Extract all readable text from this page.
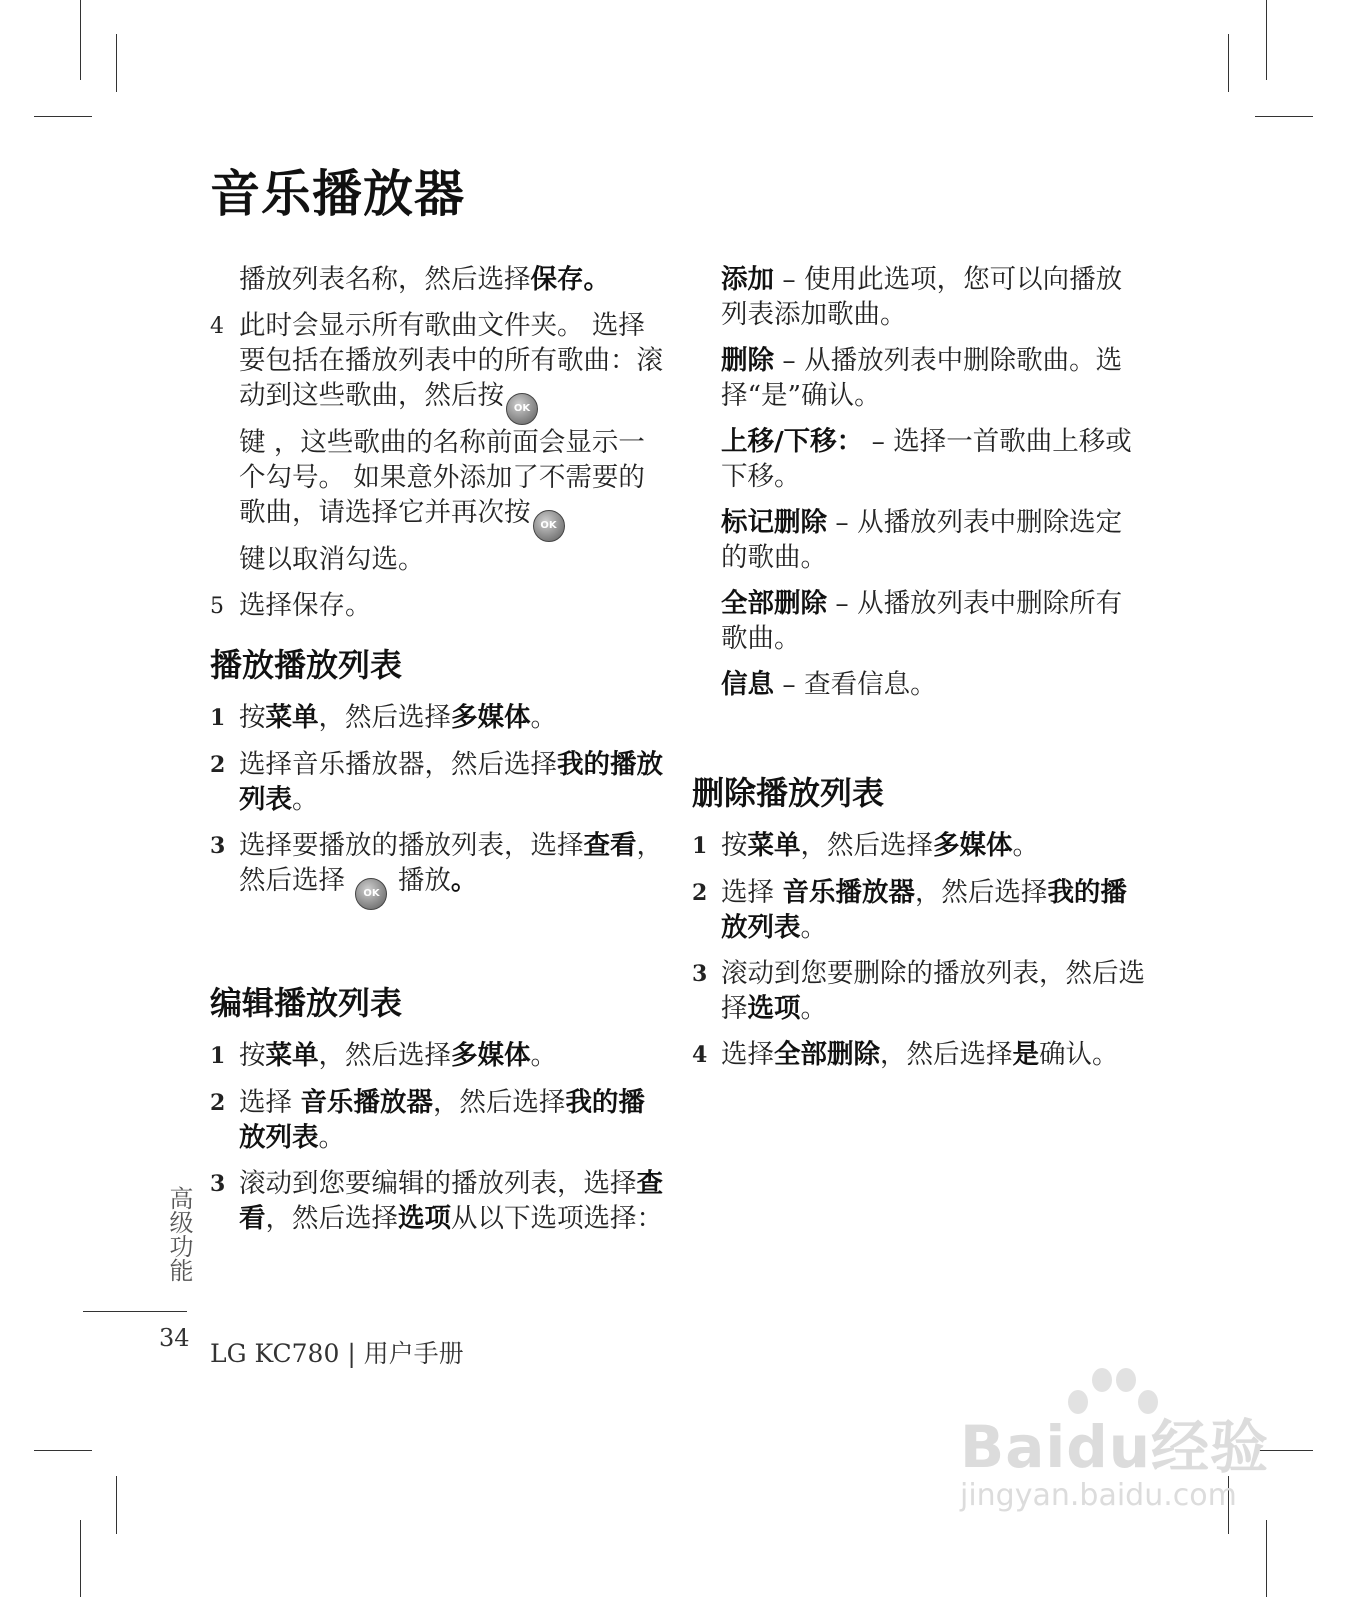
音乐播放器

播放列表名称，然后选择保存。

4 此时会显示所有歌曲文件夹。 选择要包括在播放列表中的所有歌曲：滚动到这些歌曲，然后按 OK

键 ，这些歌曲的名称前面会显示一个勾号。 如果意外添加了不需要的歌曲，请选择它并再次按 OK

键以取消勾选。
5 选择保存。
播放播放列表
1 按菜单，然后选择多媒体。
2 选择音乐播放器，然后选择我的播放列表。
3 选择要播放的播放列表，选择查看，然后选择	OK 播放。
编辑播放列表
1 按菜单，然后选择多媒体。
2 选择 音乐播放器，然后选择我的播放列表。
3 滚动到您要编辑的播放列表，选择查看，然后选择选项从以下选项选择：

添加 – 使用此选项，您可以向播放列表添加歌曲。

删除 – 从播放列表中删除歌曲。选择“是”确认。

上移/下移： – 选择一首歌曲上移或下移。

标记删除 – 从播放列表中删除选定的歌曲。

全部删除 – 从播放列表中删除所有歌曲。

信息 – 查看信息。

删除播放列表
1 按菜单，然后选择多媒体。
2 选择 音乐播放器，然后选择我的播放列表。
3 滚动到您要删除的播放列表，然后选择选项。
4 选择全部删除，然后选择是确认。
高级功能
34
LG KC780 | 用户手册
Baidu经验
jingyan.baidu.com
